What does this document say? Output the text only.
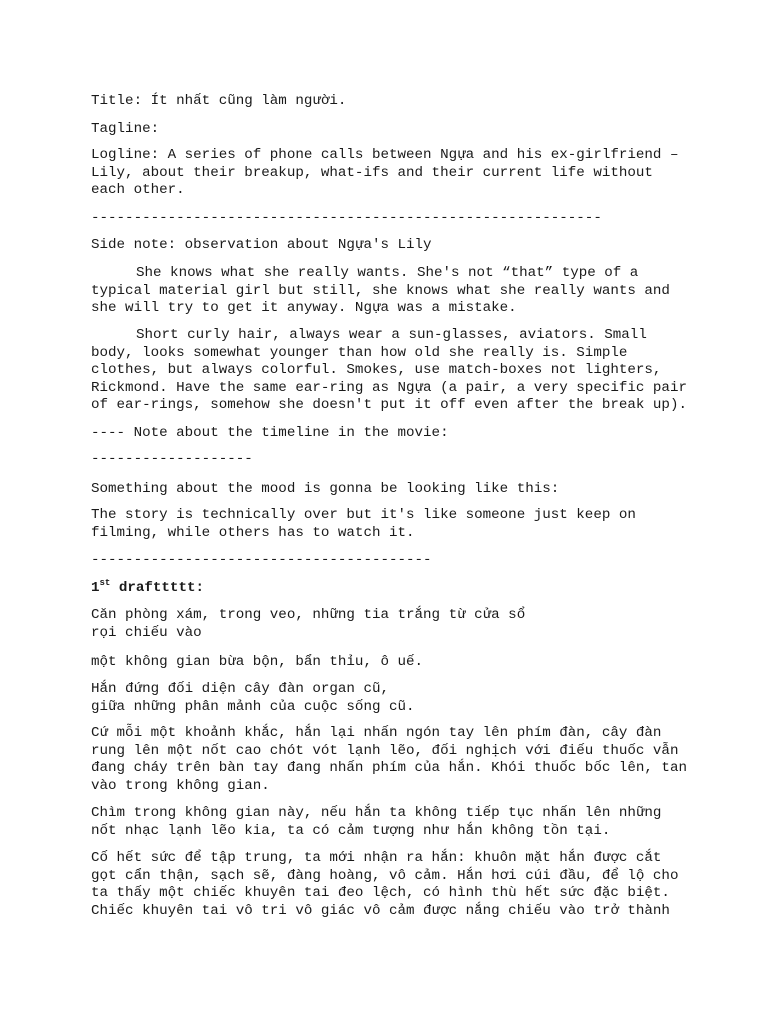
Title: Ít nhất cũng làm người.

Tagline:

Logline: A series of phone calls between Ngựa and his ex-girlfriend – Lily, about their breakup, what-ifs and their current life without each other.

------------------------------------------------------------

Side note: observation about Ngựa's Lily

She knows what she really wants. She's not “that” type of a typical material girl but still, she knows what she really wants and she will try to get it anyway. Ngựa was a mistake.

Short curly hair, always wear a sun-glasses, aviators. Small body, looks somewhat younger than how old she really is. Simple clothes, but always colorful. Smokes, use match-boxes not lighters, Rickmond. Have the same ear-ring as Ngựa (a pair, a very specific pair of ear-rings, somehow she doesn't put it off even after the break up).

---- Note about the timeline in the movie:

-------------------

Something about the mood is gonna be looking like this:

The story is technically over but it's like someone just keep on filming, while others has to watch it.

----------------------------------------

1st drafttttt:

Căn phòng xám, trong veo, những tia trắng từ cửa sổ
rọi chiếu vào

một không gian bừa bộn, bẩn thỉu, ô uế.

Hắn đứng đối diện cây đàn organ cũ,
giữa những phân mảnh của cuộc sống cũ.

Cứ mỗi một khoảnh khắc, hắn lại nhấn ngón tay lên phím đàn, cây đàn rung lên một nốt cao chót vót lạnh lẽo, đối nghịch với điếu thuốc vẫn đang cháy trên bàn tay đang nhấn phím của hắn. Khói thuốc bốc lên, tan vào trong không gian.

Chìm trong không gian này, nếu hắn ta không tiếp tục nhấn lên những nốt nhạc lạnh lẽo kia, ta có cảm tượng như hắn không tồn tại.

Cố hết sức để tập trung, ta mới nhận ra hắn: khuôn mặt hắn được cắt gọt cẩn thận, sạch sẽ, đàng hoàng, vô cảm. Hắn hơi cúi đầu, để lộ cho ta thấy một chiếc khuyên tai đeo lệch, có hình thù hết sức đặc biệt. Chiếc khuyên tai vô tri vô giác vô cảm được nắng chiếu vào trở thành
